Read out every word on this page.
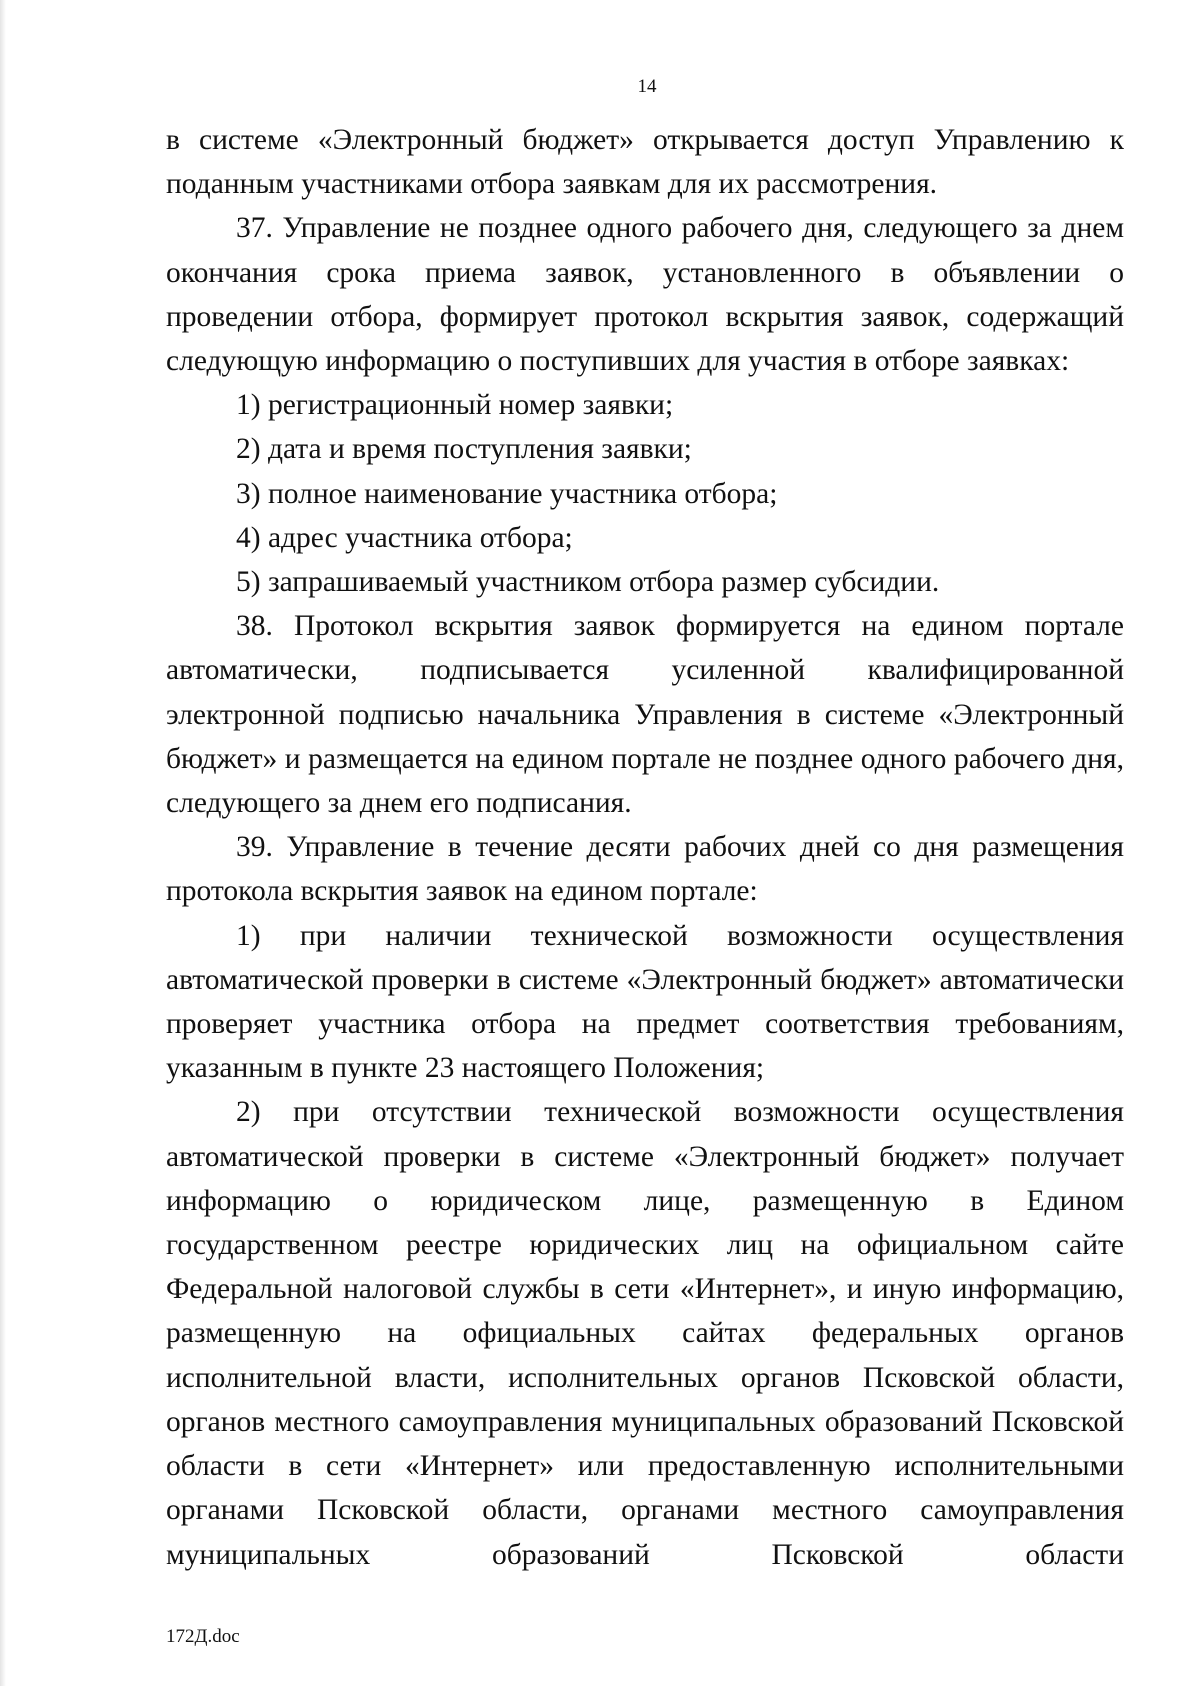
14

в системе «Электронный бюджет» открывается доступ Управлению к поданным участниками отбора заявкам для их рассмотрения.

37. Управление не позднее одного рабочего дня, следующего за днем окончания срока приема заявок, установленного в объявлении о проведении отбора, формирует протокол вскрытия заявок, содержащий следующую информацию о поступивших для участия в отборе заявках:

1) регистрационный номер заявки;

2) дата и время поступления заявки;

3) полное наименование участника отбора;

4) адрес участника отбора;

5) запрашиваемый участником отбора размер субсидии.

38. Протокол вскрытия заявок формируется на едином портале автоматически, подписывается усиленной квалифицированной электронной подписью начальника Управления в системе «Электронный бюджет» и размещается на едином портале не позднее одного рабочего дня, следующего за днем его подписания.

39. Управление в течение десяти рабочих дней со дня размещения протокола вскрытия заявок на едином портале:

1) при наличии технической возможности осуществления автоматической проверки в системе «Электронный бюджет» автоматически проверяет участника отбора на предмет соответствия требованиям, указанным в пункте 23 настоящего Положения;

2) при отсутствии технической возможности осуществления автоматической проверки в системе «Электронный бюджет» получает информацию о юридическом лице, размещенную в Едином государственном реестре юридических лиц на официальном сайте Федеральной налоговой службы в сети «Интернет», и иную информацию, размещенную на официальных сайтах федеральных органов исполнительной власти, исполнительных органов Псковской области, органов местного самоуправления муниципальных образований Псковской области в сети «Интернет» или предоставленную исполнительными органами Псковской области, органами местного самоуправления муниципальных образований Псковской области

172Д.doc
